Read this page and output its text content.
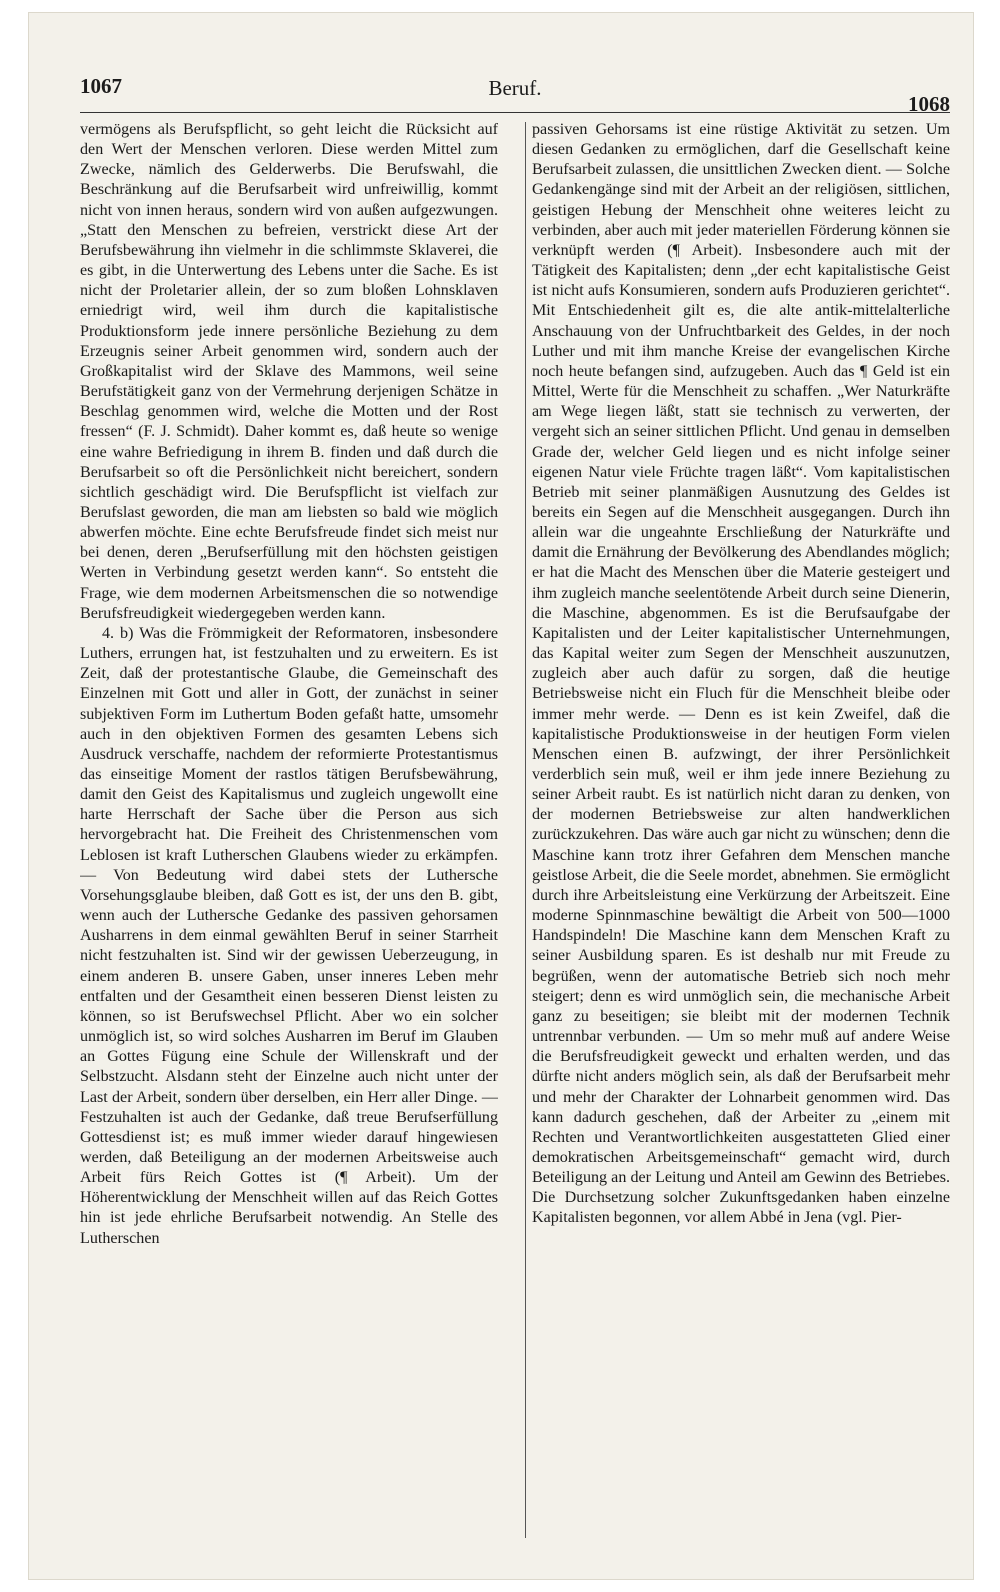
1067	Beruf.
1068

vermögens als Berufspflicht, so geht leicht die Rücksicht auf den Wert der Menschen verloren. Diese werden Mittel zum Zwecke, nämlich des Gelderwerbs. Die Berufswahl, die Beschränkung auf die Berufsarbeit wird unfreiwillig, kommt nicht von innen heraus, sondern wird von außen aufgezwungen. „Statt den Menschen zu befreien, verstrickt diese Art der Berufsbewährung ihn vielmehr in die schlimmste Sklaverei, die es gibt, in die Unterwertung des Lebens unter die Sache. Es ist nicht der Proletarier allein, der so zum bloßen Lohnsklaven erniedrigt wird, weil ihm durch die kapitalistische Produktionsform jede innere persönliche Beziehung zu dem Erzeugnis seiner Arbeit genommen wird, sondern auch der Großkapitalist wird der Sklave des Mammons, weil seine Berufstätigkeit ganz von der Vermehrung derjenigen Schätze in Beschlag genommen wird, welche die Motten und der Rost fressen“ (F. J. Schmidt). Daher kommt es, daß heute so wenige eine wahre Befriedigung in ihrem B. finden und daß durch die Berufsarbeit so oft die Persönlichkeit nicht bereichert, sondern sichtlich geschädigt wird. Die Berufspflicht ist vielfach zur Berufslast geworden, die man am liebsten so bald wie möglich abwerfen möchte. Eine echte Berufsfreude findet sich meist nur bei denen, deren „Berufserfüllung mit den höchsten geistigen Werten in Verbindung gesetzt werden kann“. So entsteht die Frage, wie dem modernen Arbeitsmenschen die so notwendige Berufsfreudigkeit wiedergegeben werden kann.

4. b) Was die Frömmigkeit der Reformatoren, insbesondere Luthers, errungen hat, ist festzuhalten und zu erweitern. Es ist Zeit, daß der protestantische Glaube, die Gemeinschaft des Einzelnen mit Gott und aller in Gott, der zunächst in seiner subjektiven Form im Luthertum Boden gefaßt hatte, umsomehr auch in den objektiven Formen des gesamten Lebens sich Ausdruck verschaffe, nachdem der reformierte Protestantismus das einseitige Moment der rastlos tätigen Berufsbewährung, damit den Geist des Kapitalismus und zugleich ungewollt eine harte Herrschaft der Sache über die Person aus sich hervorgebracht hat. Die Freiheit des Christenmenschen vom Leblosen ist kraft Lutherschen Glaubens wieder zu erkämpfen. — Von Bedeutung wird dabei stets der Luthersche Vorsehungsglaube bleiben, daß Gott es ist, der uns den B. gibt, wenn auch der Luthersche Gedanke des passiven gehorsamen Ausharrens in dem einmal gewählten Beruf in seiner Starrheit nicht festzuhalten ist. Sind wir der gewissen Ueberzeugung, in einem anderen B. unsere Gaben, unser inneres Leben mehr entfalten und der Gesamtheit einen besseren Dienst leisten zu können, so ist Berufswechsel Pflicht. Aber wo ein solcher unmöglich ist, so wird solches Ausharren im Beruf im Glauben an Gottes Fügung eine Schule der Willenskraft und der Selbstzucht. Alsdann steht der Einzelne auch nicht unter der Last der Arbeit, sondern über derselben, ein Herr aller Dinge. — Festzuhalten ist auch der Gedanke, daß treue Berufserfüllung Gottesdienst ist; es muß immer wieder darauf hingewiesen werden, daß Beteiligung an der modernen Arbeitsweise auch Arbeit fürs Reich Gottes ist (¶ Arbeit). Um der Höherentwicklung der Menschheit willen auf das Reich Gottes hin ist jede ehrliche Berufsarbeit notwendig. An Stelle des Lutherschen

passiven Gehorsams ist eine rüstige Aktivität zu setzen. Um diesen Gedanken zu ermöglichen, darf die Gesellschaft keine Berufsarbeit zulassen, die unsittlichen Zwecken dient. — Solche Gedankengänge sind mit der Arbeit an der religiösen, sittlichen, geistigen Hebung der Menschheit ohne weiteres leicht zu verbinden, aber auch mit jeder materiellen Förderung können sie verknüpft werden (¶ Arbeit). Insbesondere auch mit der Tätigkeit des Kapitalisten; denn „der echt kapitalistische Geist ist nicht aufs Konsumieren, sondern aufs Produzieren gerichtet“. Mit Entschiedenheit gilt es, die alte antik-mittelalterliche Anschauung von der Unfruchtbarkeit des Geldes, in der noch Luther und mit ihm manche Kreise der evangelischen Kirche noch heute befangen sind, aufzugeben. Auch das ¶ Geld ist ein Mittel, Werte für die Menschheit zu schaffen. „Wer Naturkräfte am Wege liegen läßt, statt sie technisch zu verwerten, der vergeht sich an seiner sittlichen Pflicht. Und genau in demselben Grade der, welcher Geld liegen und es nicht infolge seiner eigenen Natur viele Früchte tragen läßt“. Vom kapitalistischen Betrieb mit seiner planmäßigen Ausnutzung des Geldes ist bereits ein Segen auf die Menschheit ausgegangen. Durch ihn allein war die ungeahnte Erschließung der Naturkräfte und damit die Ernährung der Bevölkerung des Abendlandes möglich; er hat die Macht des Menschen über die Materie gesteigert und ihm zugleich manche seelentötende Arbeit durch seine Dienerin, die Maschine, abgenommen. Es ist die Berufsaufgabe der Kapitalisten und der Leiter kapitalistischer Unternehmungen, das Kapital weiter zum Segen der Menschheit auszunutzen, zugleich aber auch dafür zu sorgen, daß die heutige Betriebsweise nicht ein Fluch für die Menschheit bleibe oder immer mehr werde. — Denn es ist kein Zweifel, daß die kapitalistische Produktionsweise in der heutigen Form vielen Menschen einen B. aufzwingt, der ihrer Persönlichkeit verderblich sein muß, weil er ihm jede innere Beziehung zu seiner Arbeit raubt. Es ist natürlich nicht daran zu denken, von der modernen Betriebsweise zur alten handwerklichen zurückzukehren. Das wäre auch gar nicht zu wünschen; denn die Maschine kann trotz ihrer Gefahren dem Menschen manche geistlose Arbeit, die die Seele mordet, abnehmen. Sie ermöglicht durch ihre Arbeitsleistung eine Verkürzung der Arbeitszeit. Eine moderne Spinnmaschine bewältigt die Arbeit von 500—1000 Handspindeln! Die Maschine kann dem Menschen Kraft zu seiner Ausbildung sparen. Es ist deshalb nur mit Freude zu begrüßen, wenn der automatische Betrieb sich noch mehr steigert; denn es wird unmöglich sein, die mechanische Arbeit ganz zu beseitigen; sie bleibt mit der modernen Technik untrennbar verbunden. — Um so mehr muß auf andere Weise die Berufsfreudigkeit geweckt und erhalten werden, und das dürfte nicht anders möglich sein, als daß der Berufsarbeit mehr und mehr der Charakter der Lohnarbeit genommen wird. Das kann dadurch geschehen, daß der Arbeiter zu „einem mit Rechten und Verantwortlichkeiten ausgestatteten Glied einer demokratischen Arbeitsgemeinschaft“ gemacht wird, durch Beteiligung an der Leitung und Anteil am Gewinn des Betriebes. Die Durchsetzung solcher Zukunftsgedanken haben einzelne Kapitalisten begonnen, vor allem Abbé in Jena (vgl. Pier-
